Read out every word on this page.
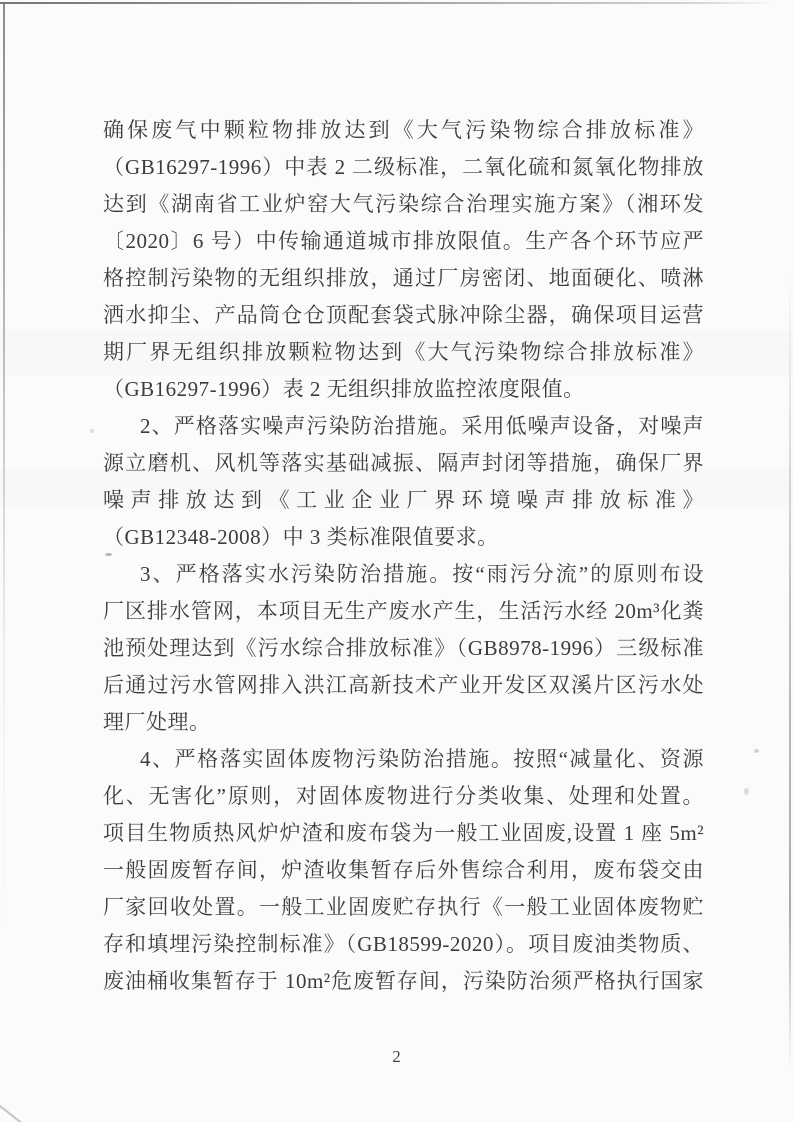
确保废气中颗粒物排放达到《大气污染物综合排放标准》
（GB16297-1996）中表 2 二级标准，二氧化硫和氮氧化物排放
达到《湖南省工业炉窑大气污染综合治理实施方案》（湘环发
〔2020〕6 号）中传输通道城市排放限值。生产各个环节应严
格控制污染物的无组织排放，通过厂房密闭、地面硬化、喷淋
洒水抑尘、产品筒仓仓顶配套袋式脉冲除尘器，确保项目运营
期厂界无组织排放颗粒物达到《大气污染物综合排放标准》
（GB16297-1996）表 2 无组织排放监控浓度限值。
2、严格落实噪声污染防治措施。采用低噪声设备，对噪声
源立磨机、风机等落实基础减振、隔声封闭等措施，确保厂界
噪声排放达到《工业企业厂界环境噪声排放标准》
（GB12348-2008）中 3 类标准限值要求。
3、严格落实水污染防治措施。按“雨污分流”的原则布设
厂区排水管网，本项目无生产废水产生，生活污水经 20m³化粪
池预处理达到《污水综合排放标准》（GB8978-1996）三级标准
后通过污水管网排入洪江高新技术产业开发区双溪片区污水处
理厂处理。
4、严格落实固体废物污染防治措施。按照“减量化、资源
化、无害化”原则，对固体废物进行分类收集、处理和处置。
项目生物质热风炉炉渣和废布袋为一般工业固废,设置 1 座 5m²
一般固废暂存间，炉渣收集暂存后外售综合利用，废布袋交由
厂家回收处置。一般工业固废贮存执行《一般工业固体废物贮
存和填埋污染控制标准》（GB18599-2020）。项目废油类物质、
废油桶收集暂存于 10m²危废暂存间，污染防治须严格执行国家
2
